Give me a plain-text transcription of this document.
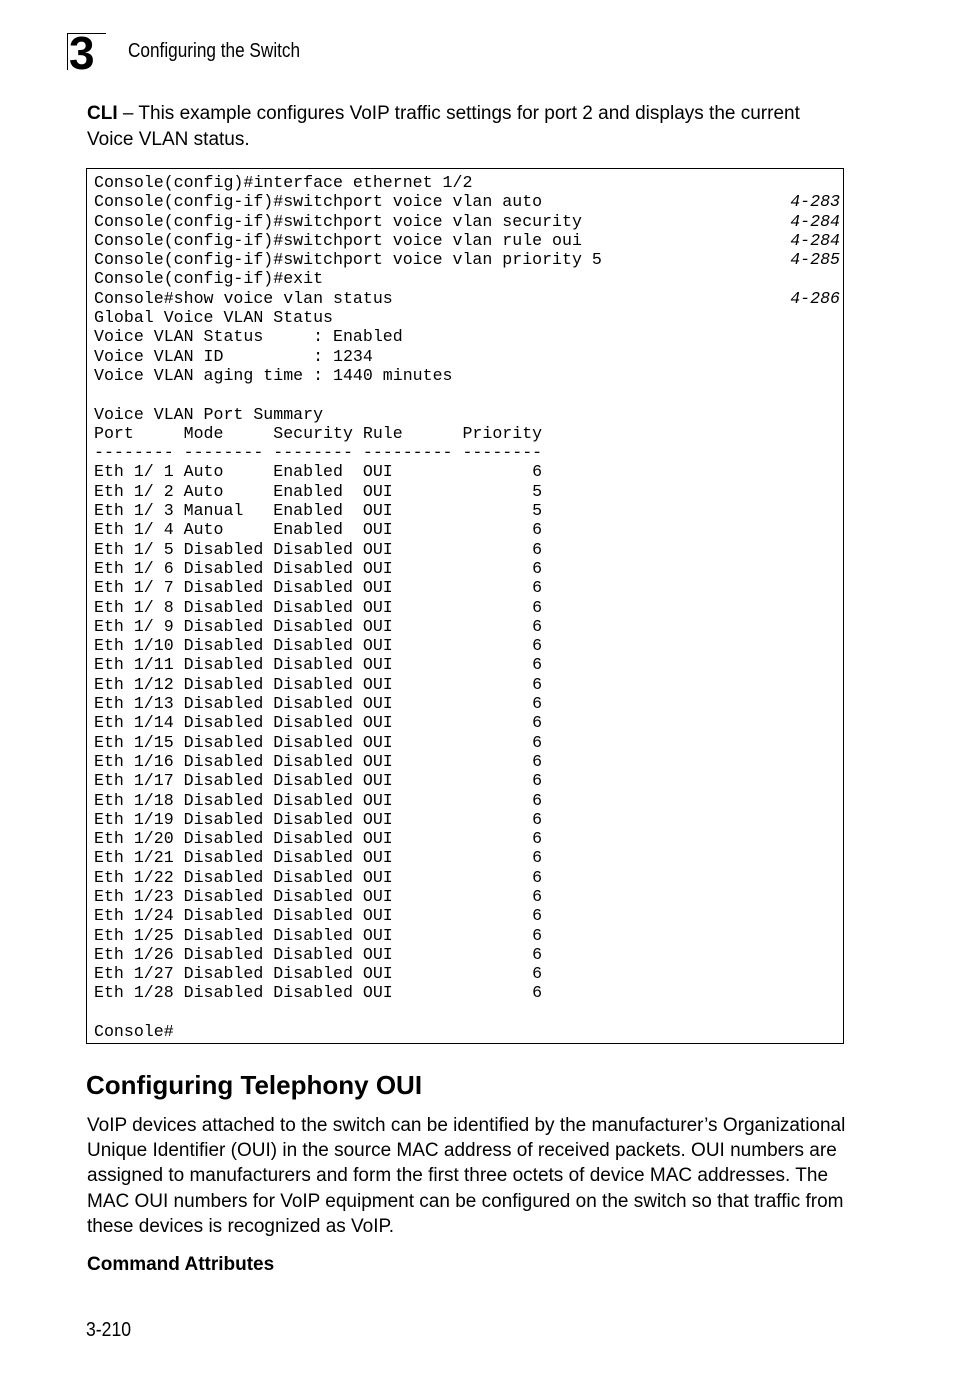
3 Configuring the Switch
CLI – This example configures VoIP traffic settings for port 2 and displays the current Voice VLAN status.
Console(config)#interface ethernet 1/2
Console(config-if)#switchport voice vlan auto	4-283
Console(config-if)#switchport voice vlan security	4-284
Console(config-if)#switchport voice vlan rule oui	4-284
Console(config-if)#switchport voice vlan priority 5	4-285
Console(config-if)#exit
Console#show voice vlan status	4-286
Global Voice VLAN Status
Voice VLAN Status     : Enabled
Voice VLAN ID         : 1234
Voice VLAN aging time : 1440 minutes
Voice VLAN Port Summary
Port     Mode     Security Rule      Priority
-------- -------- -------- --------- --------
Eth 1/ 1 Auto     Enabled  OUI              6
Eth 1/ 2 Auto     Enabled  OUI              5
Eth 1/ 3 Manual   Enabled  OUI              5
Eth 1/ 4 Auto     Enabled  OUI              6
Eth 1/ 5 Disabled Disabled OUI              6
Eth 1/ 6 Disabled Disabled OUI              6
Eth 1/ 7 Disabled Disabled OUI              6
Eth 1/ 8 Disabled Disabled OUI              6
Eth 1/ 9 Disabled Disabled OUI              6
Eth 1/10 Disabled Disabled OUI              6
Eth 1/11 Disabled Disabled OUI              6
Eth 1/12 Disabled Disabled OUI              6
Eth 1/13 Disabled Disabled OUI              6
Eth 1/14 Disabled Disabled OUI              6
Eth 1/15 Disabled Disabled OUI              6
Eth 1/16 Disabled Disabled OUI              6
Eth 1/17 Disabled Disabled OUI              6
Eth 1/18 Disabled Disabled OUI              6
Eth 1/19 Disabled Disabled OUI              6
Eth 1/20 Disabled Disabled OUI              6
Eth 1/21 Disabled Disabled OUI              6
Eth 1/22 Disabled Disabled OUI              6
Eth 1/23 Disabled Disabled OUI              6
Eth 1/24 Disabled Disabled OUI              6
Eth 1/25 Disabled Disabled OUI              6
Eth 1/26 Disabled Disabled OUI              6
Eth 1/27 Disabled Disabled OUI              6
Eth 1/28 Disabled Disabled OUI              6
Console#
Configuring Telephony OUI
VoIP devices attached to the switch can be identified by the manufacturer’s Organizational Unique Identifier (OUI) in the source MAC address of received packets. OUI numbers are assigned to manufacturers and form the first three octets of device MAC addresses. The MAC OUI numbers for VoIP equipment can be configured on the switch so that traffic from these devices is recognized as VoIP.
Command Attributes
3-210
